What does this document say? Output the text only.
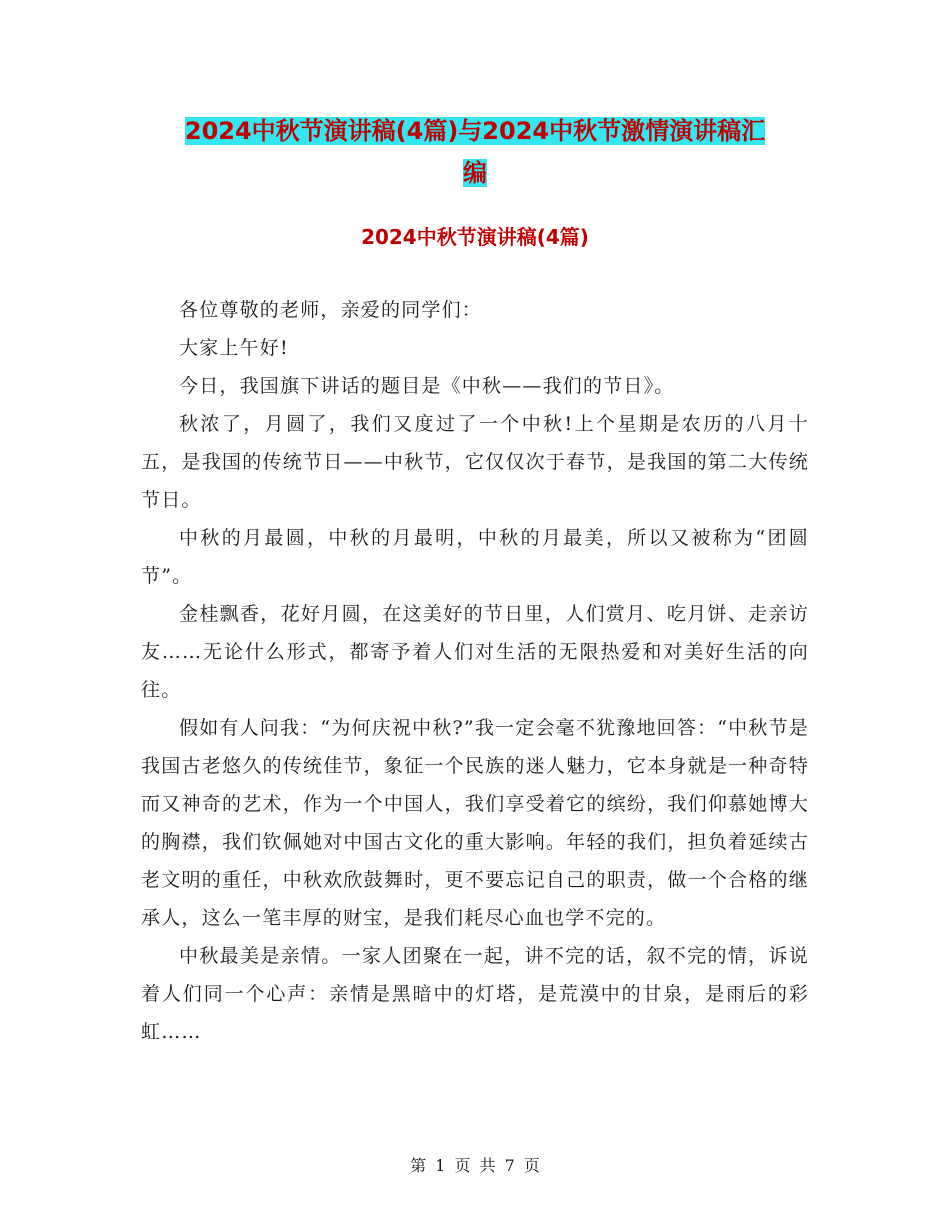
2024中秋节演讲稿(4篇)与2024中秋节激情演讲稿汇
编
2024中秋节演讲稿(4篇)

各位尊敬的老师，亲爱的同学们：

大家上午好!

今日，我国旗下讲话的题目是《中秋——我们的节日》。

秋浓了，月圆了，我们又度过了一个中秋!上个星期是农历的八月十五，是我国的传统节日——中秋节，它仅仅次于春节，是我国的第二大传统节日。

中秋的月最圆，中秋的月最明，中秋的月最美，所以又被称为“团圆节”。

金桂飘香，花好月圆，在这美好的节日里，人们赏月、吃月饼、走亲访友……无论什么形式，都寄予着人们对生活的无限热爱和对美好生活的向往。

假如有人问我：“为何庆祝中秋?”我一定会毫不犹豫地回答：“中秋节是我国古老悠久的传统佳节，象征一个民族的迷人魅力，它本身就是一种奇特而又神奇的艺术，作为一个中国人，我们享受着它的缤纷，我们仰慕她博大的胸襟，我们钦佩她对中国古文化的重大影响。年轻的我们，担负着延续古老文明的重任，中秋欢欣鼓舞时，更不要忘记自己的职责，做一个合格的继承人，这么一笔丰厚的财宝，是我们耗尽心血也学不完的。

中秋最美是亲情。一家人团聚在一起，讲不完的话，叙不完的情，诉说着人们同一个心声：亲情是黑暗中的灯塔，是荒漠中的甘泉，是雨后的彩虹……

第 1 页 共 7 页
